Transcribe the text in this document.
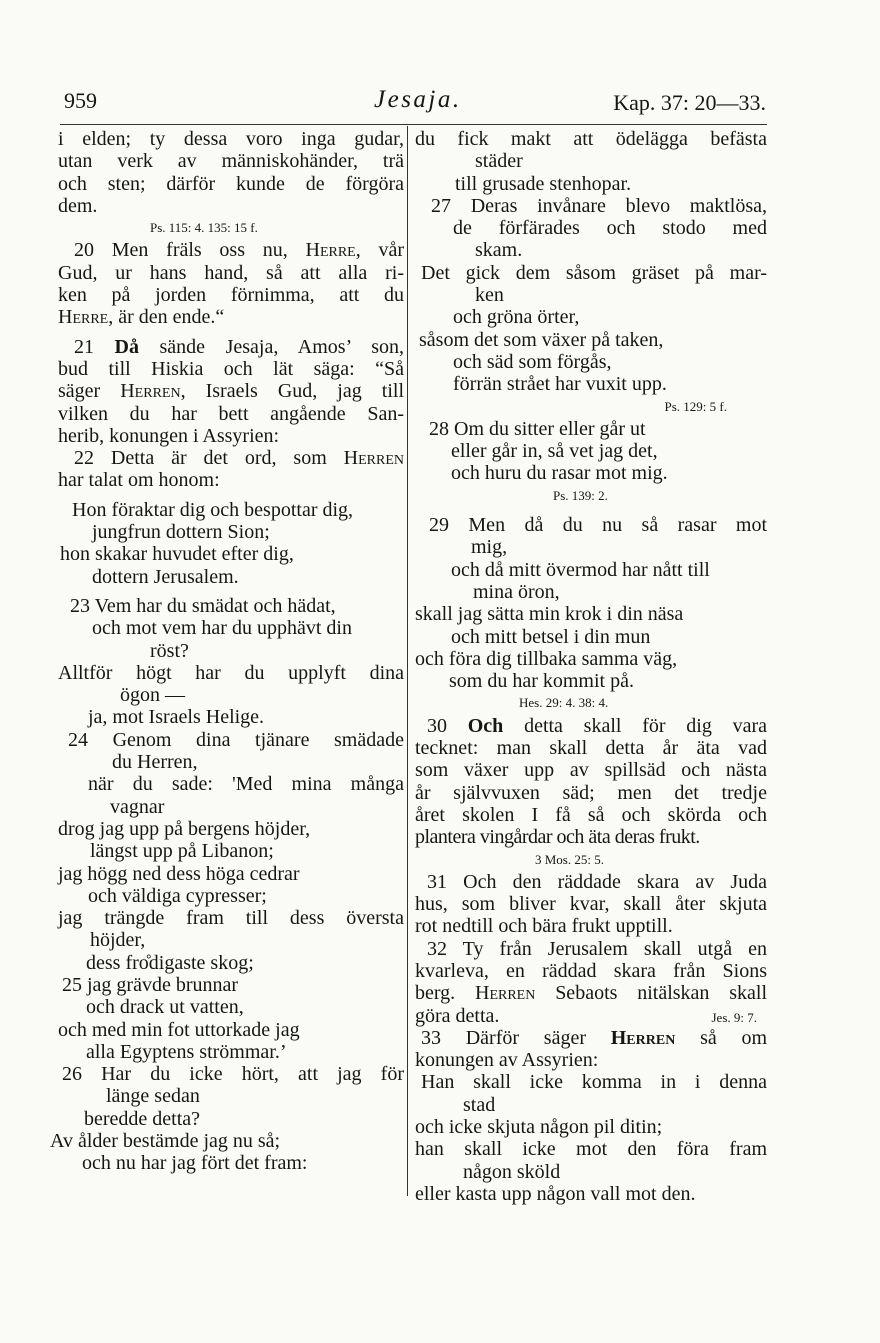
959	Jesaja.	Kap. 37: 20—33.
i elden; ty dessa voro inga gudar,
utan verk av människohänder, trä
och sten; därför kunde de förgöra
dem.
Ps. 115: 4. 135: 15 f.
20 Men fräls oss nu, Herre, vår
Gud, ur hans hand, så att alla ri-
ken på jorden förnimma, att du
Herre, är den ende.“
21 Då sände Jesaja, Amos’ son,
bud till Hiskia och lät säga: “Så
säger Herren, Israels Gud, jag till
vilken du har bett angående San-
herib, konungen i Assyrien:
22 Detta är det ord, som Herren
har talat om honom:
Hon föraktar dig och bespottar dig,
jungfrun dottern Sion;
hon skakar huvudet efter dig,
dottern Jerusalem.
23 Vem har du smädat och hädat,
och mot vem har du upphävt din
röst?
Alltför högt har du upplyft dina
ögon —
ja, mot Israels Helige.
24 Genom dina tjänare smädade
du Herren,
när du sade: 'Med mina många
vagnar
drog jag upp på bergens höjder,
längst upp på Libanon;
jag högg ned dess höga cedrar
och väldiga cypresser;
jag trängde fram till dess översta
höjder,
dess fro̊digaste skog;
25 jag grävde brunnar
och drack ut vatten,
och med min fot uttorkade jag
alla Egyptens strömmar.’
26 Har du icke hört, att jag för
länge sedan
beredde detta?
Av ålder bestämde jag nu så;
och nu har jag fört det fram:
du fick makt att ödelägga befästa
städer
till grusade stenhopar.
27 Deras invånare blevo maktlösa,
de förfärades och stodo med
skam.
Det gick dem såsom gräset på mar-
ken
och gröna örter,
såsom det som växer på taken,
och säd som förgås,
förrän strået har vuxit upp.
Ps. 129: 5 f.
28 Om du sitter eller går ut
eller går in, så vet jag det,
och huru du rasar mot mig.
Ps. 139: 2.
29 Men då du nu så rasar mot
mig,
och då mitt övermod har nått till
mina öron,
skall jag sätta min krok i din näsa
och mitt betsel i din mun
och föra dig tillbaka samma väg,
som du har kommit på.
Hes. 29: 4. 38: 4.
30 Och detta skall för dig vara
tecknet: man skall detta år äta vad
som växer upp av spillsäd och nästa
år självvuxen säd; men det tredje
året skolen I få så och skörda och
plantera vingårdar och äta deras frukt.
3 Mos. 25: 5.
31 Och den räddade skara av Juda
hus, som bliver kvar, skall åter skjuta
rot nedtill och bära frukt upptill.
32 Ty från Jerusalem skall utgå en
kvarleva, en räddad skara från Sions
berg. Herren Sebaots nitälskan skall
göra detta.	Jes. 9: 7.
33 Därför säger Herren så om
konungen av Assyrien:
Han skall icke komma in i denna
stad
och icke skjuta någon pil ditin;
han skall icke mot den föra fram
någon sköld
eller kasta upp någon vall mot den.
